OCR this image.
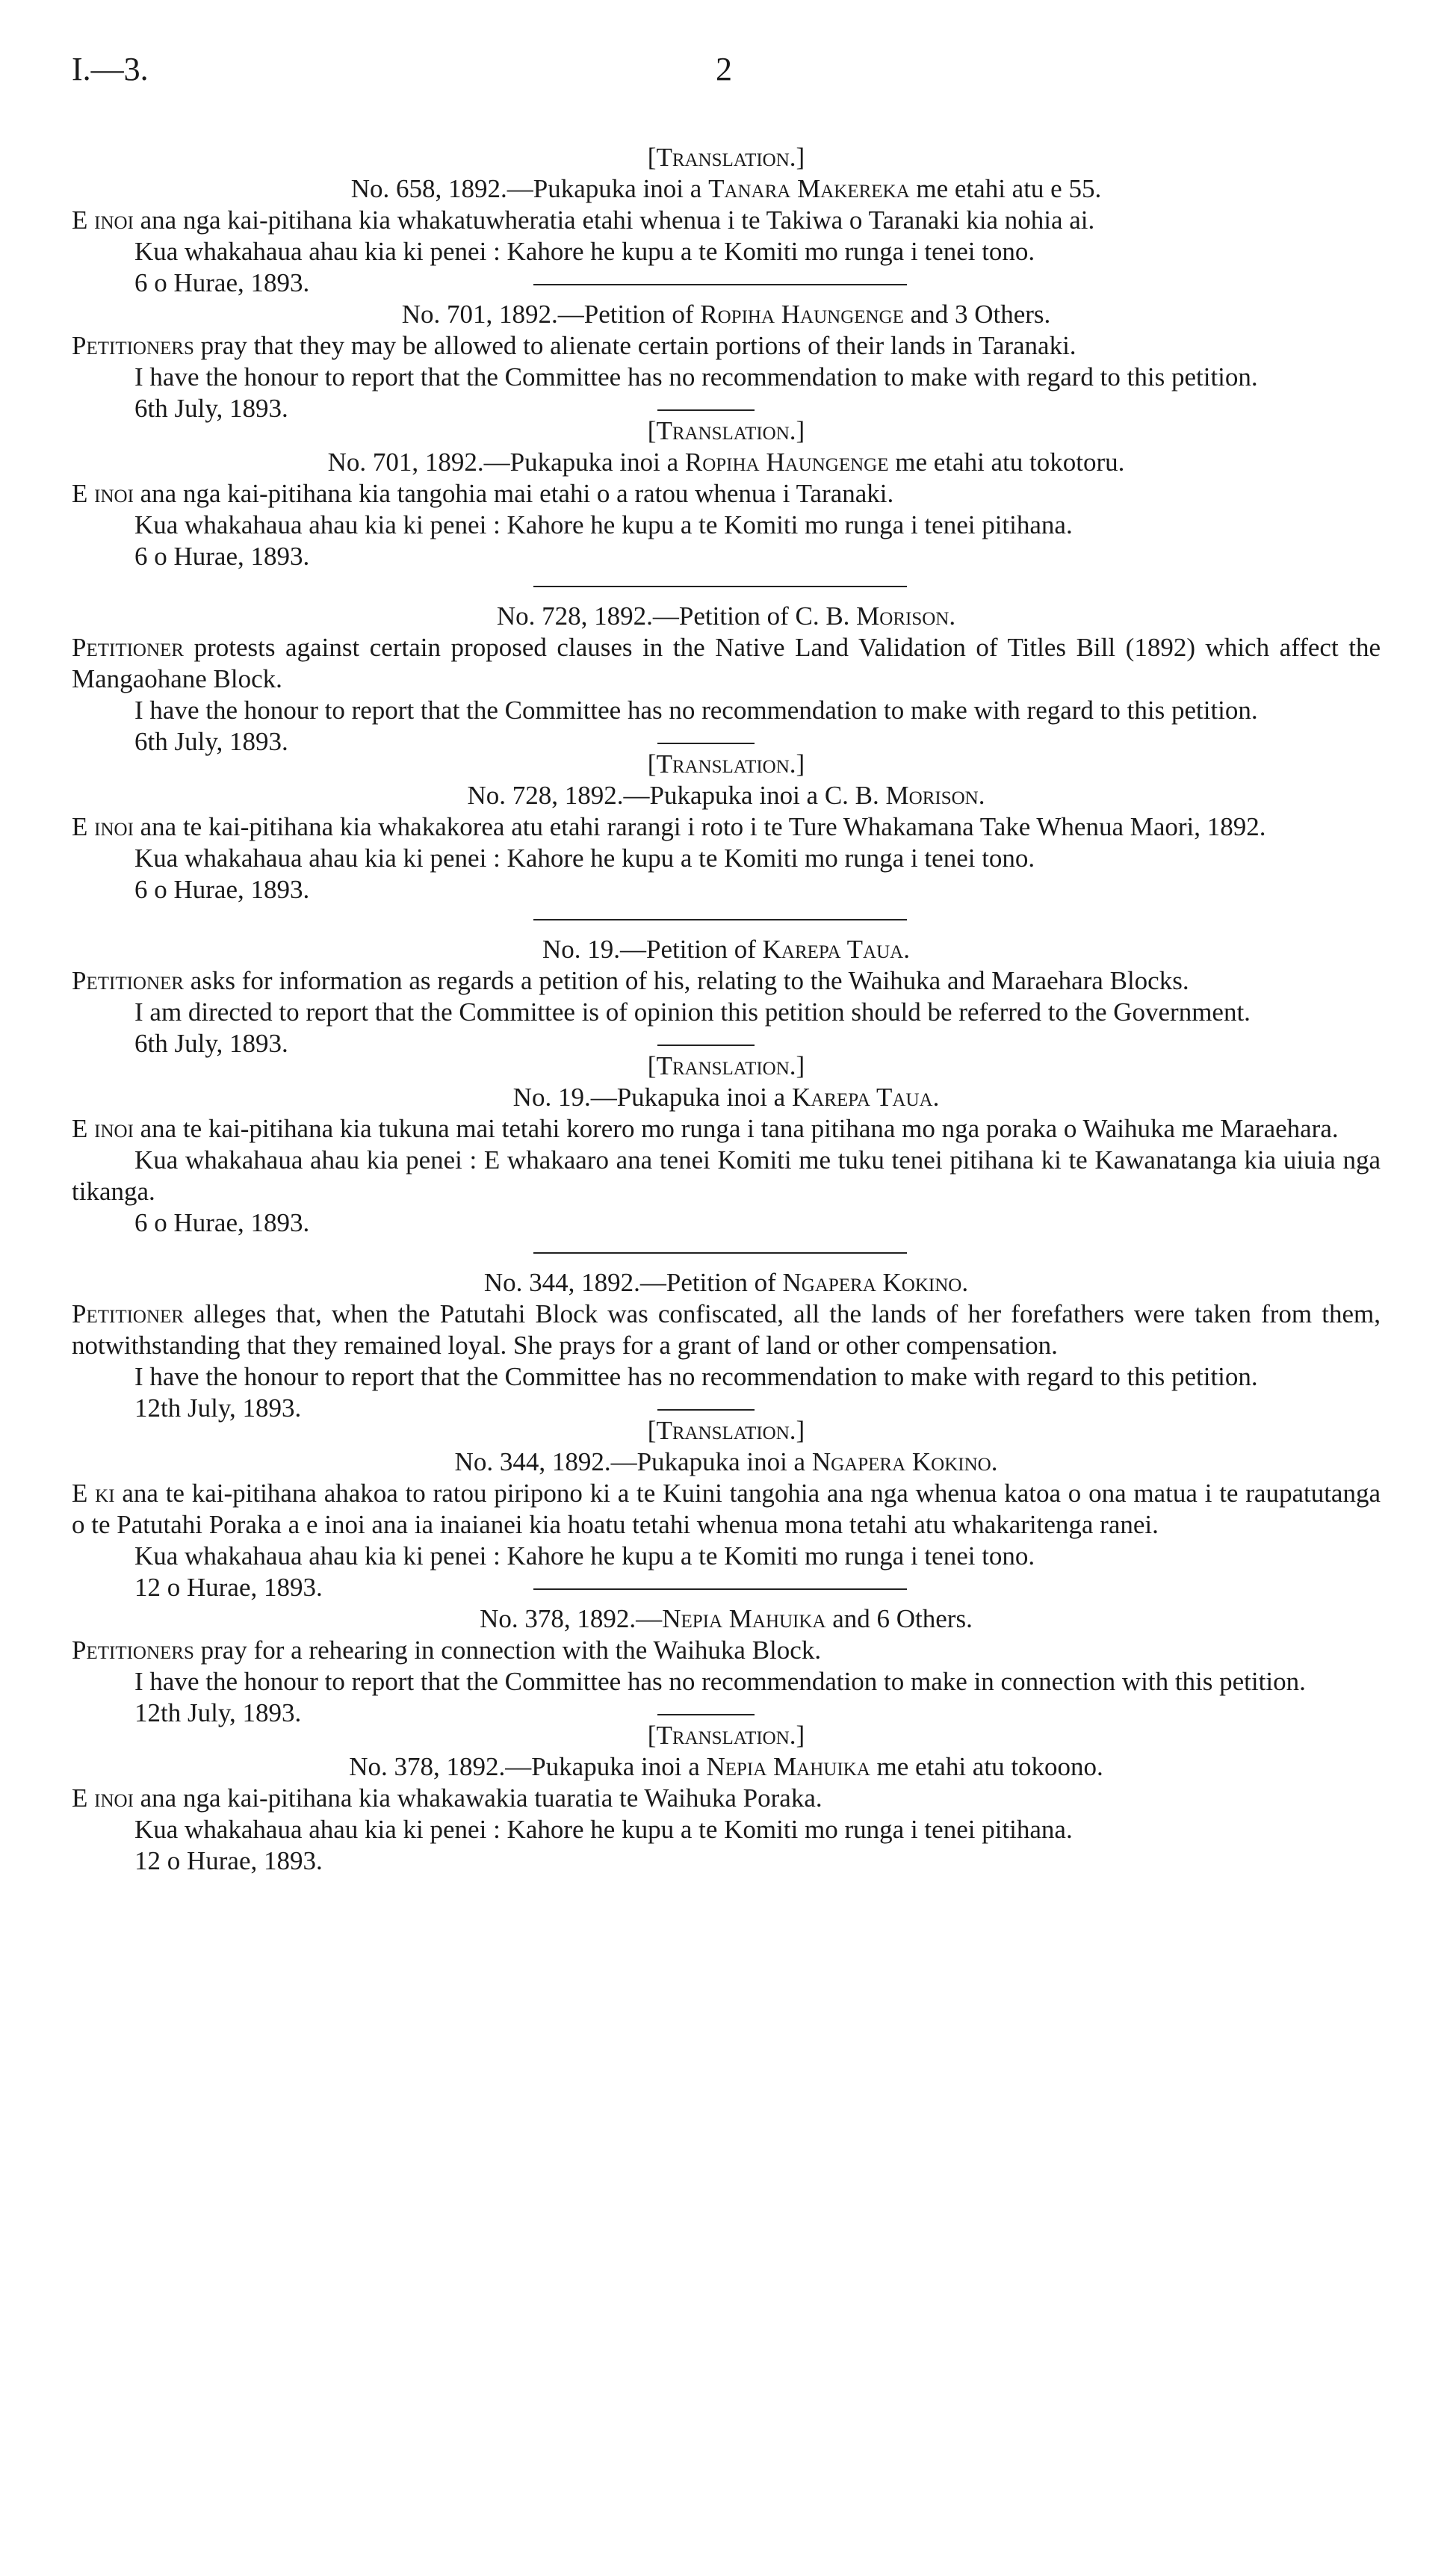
I.—3.	2

[Translation.]

No. 658, 1892.—Pukapuka inoi a Tanara Makereka me etahi atu e 55.

E inoi ana nga kai-pitihana kia whakatuwheratia etahi whenua i te Takiwa o Taranaki kia nohia ai.

Kua whakahaua ahau kia ki penei : Kahore he kupu a te Komiti mo runga i tenei tono.

6 o Hurae, 1893.

No. 701, 1892.—Petition of Ropiha Haungenge and 3 Others.

Petitioners pray that they may be allowed to alienate certain portions of their lands in Taranaki.

I have the honour to report that the Committee has no recommendation to make with regard to this petition.

6th July, 1893.

[Translation.]

No. 701, 1892.—Pukapuka inoi a Ropiha Haungenge me etahi atu tokotoru.

E inoi ana nga kai-pitihana kia tangohia mai etahi o a ratou whenua i Taranaki.

Kua whakahaua ahau kia ki penei : Kahore he kupu a te Komiti mo runga i tenei pitihana.

6 o Hurae, 1893.

No. 728, 1892.—Petition of C. B. Morison.

Petitioner protests against certain proposed clauses in the Native Land Validation of Titles Bill (1892) which affect the Mangaohane Block.

I have the honour to report that the Committee has no recommendation to make with regard to this petition.

6th July, 1893.

[Translation.]

No. 728, 1892.—Pukapuka inoi a C. B. Morison.

E inoi ana te kai-pitihana kia whakakorea atu etahi rarangi i roto i te Ture Whakamana Take Whenua Maori, 1892.

Kua whakahaua ahau kia ki penei : Kahore he kupu a te Komiti mo runga i tenei tono.

6 o Hurae, 1893.

No. 19.—Petition of Karepa Taua.

Petitioner asks for information as regards a petition of his, relating to the Waihuka and Maraehara Blocks.

I am directed to report that the Committee is of opinion this petition should be referred to the Government.

6th July, 1893.

[Translation.]

No. 19.—Pukapuka inoi a Karepa Taua.

E inoi ana te kai-pitihana kia tukuna mai tetahi korero mo runga i tana pitihana mo nga poraka o Waihuka me Maraehara.

Kua whakahaua ahau kia penei : E whakaaro ana tenei Komiti me tuku tenei pitihana ki te Kawanatanga kia uiuia nga tikanga.

6 o Hurae, 1893.

No. 344, 1892.—Petition of Ngapera Kokino.

Petitioner alleges that, when the Patutahi Block was confiscated, all the lands of her forefathers were taken from them, notwithstanding that they remained loyal. She prays for a grant of land or other compensation.

I have the honour to report that the Committee has no recommendation to make with regard to this petition.

12th July, 1893.

[Translation.]

No. 344, 1892.—Pukapuka inoi a Ngapera Kokino.

E ki ana te kai-pitihana ahakoa to ratou piripono ki a te Kuini tangohia ana nga whenua katoa o ona matua i te raupatutanga o te Patutahi Poraka a e inoi ana ia inaianei kia hoatu tetahi whenua mona tetahi atu whakaritenga ranei.

Kua whakahaua ahau kia ki penei : Kahore he kupu a te Komiti mo runga i tenei tono.

12 o Hurae, 1893.

No. 378, 1892.—Nepia Mahuika and 6 Others.

Petitioners pray for a rehearing in connection with the Waihuka Block.

I have the honour to report that the Committee has no recommendation to make in connection with this petition.

12th July, 1893.

[Translation.]

No. 378, 1892.—Pukapuka inoi a Nepia Mahuika me etahi atu tokoono.

E inoi ana nga kai-pitihana kia whakawakia tuaratia te Waihuka Poraka.

Kua whakahaua ahau kia ki penei : Kahore he kupu a te Komiti mo runga i tenei pitihana.

12 o Hurae, 1893.
